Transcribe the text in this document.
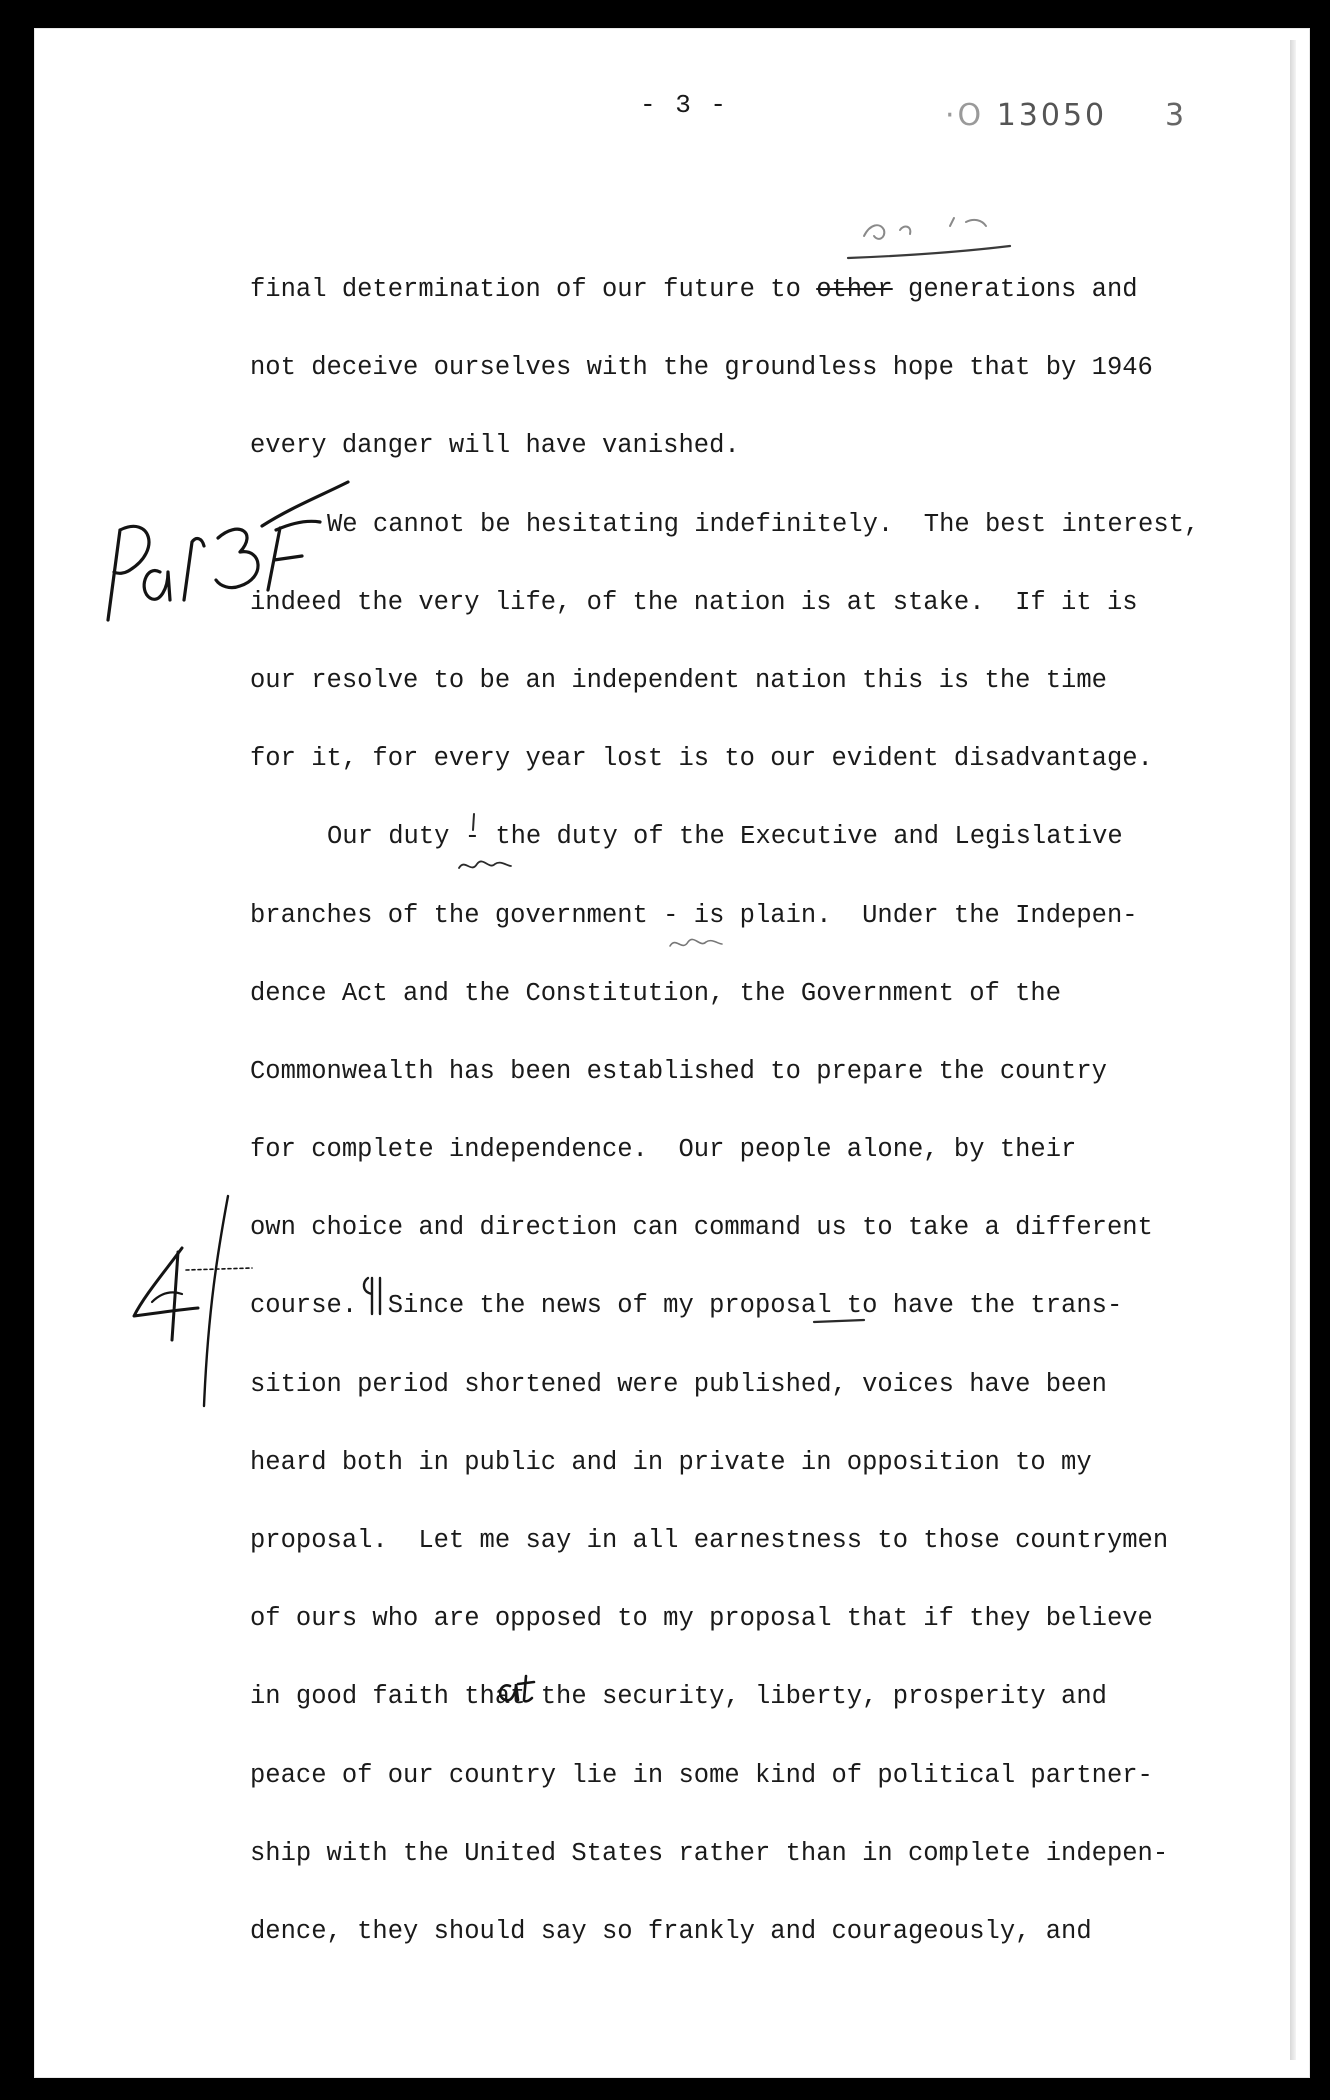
- 3 -	·O 13050 3
final determination of our future to other generations and
not deceive ourselves with the groundless hope that by 1946
every danger will have vanished.
We cannot be hesitating indefinitely.  The best interest,
indeed the very life, of the nation is at stake.  If it is
our resolve to be an independent nation this is the time
for it, for every year lost is to our evident disadvantage.
Our duty - the duty of the Executive and Legislative
branches of the government - is plain.  Under the Indepen-
dence Act and the Constitution, the Government of the
Commonwealth has been established to prepare the country
for complete independence.  Our people alone, by their
own choice and direction can command us to take a different
course.  Since the news of my proposal to have the trans-
sition period shortened were published, voices have been
heard both in public and in private in opposition to my
proposal.  Let me say in all earnestness to those countrymen
of ours who are opposed to my proposal that if they believe
in good faith that the security, liberty, prosperity and
peace of our country lie in some kind of political partner-
ship with the United States rather than in complete indepen-
dence, they should say so frankly and courageously, and
